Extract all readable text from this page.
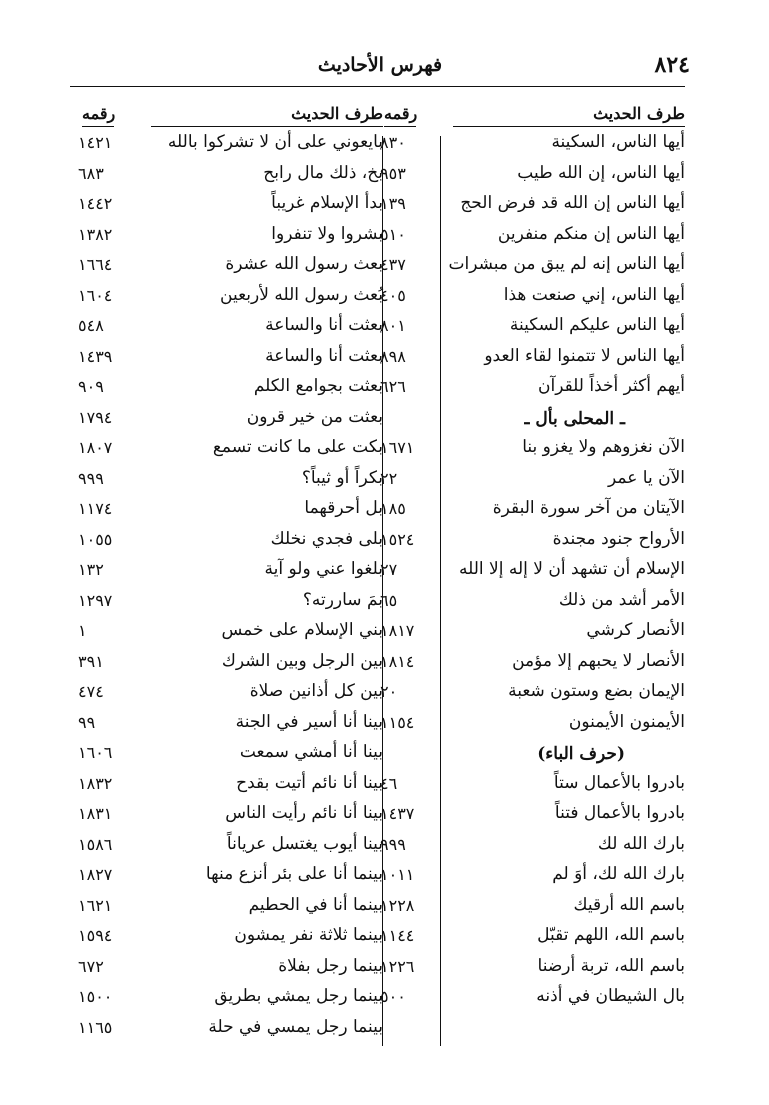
٨٢٤
فهرس الأحاديث
طرف الحديث
رقمه
أيها الناس، السكينة
٨٣٠
أيها الناس، إن الله طيب
٩٥٣
أيها الناس إن الله قد فرض الحج
١٣٩
أيها الناس إن منكم منفرين
٥١٠
أيها الناس إنه لم يبق من مبشرات
٤٣٧
أيها الناس، إني صنعت هذا
٤٠٥
أيها الناس عليكم السكينة
٨٠١
أيها الناس لا تتمنوا لقاء العدو
٨٩٨
أيهم أكثر أخذاً للقرآن
٦٢٦
ـ المحلى بأل ـ
الآن نغزوهم ولا يغزو بنا
١٦٧١
الآن يا عمر
٢٢
الآيتان من آخر سورة البقرة
١٨٥
الأرواح جنود مجندة
١٥٢٤
الإسلام أن تشهد أن لا إله إلا الله
٢٧
الأمر أشد من ذلك
٦٥
الأنصار كرشي
١٨١٧
الأنصار لا يحبهم إلا مؤمن
١٨١٤
الإيمان بضع وستون شعبة
٢٠
الأيمنون الأيمنون
١١٥٤
(حرف الباء)
بادروا بالأعمال ستاً
٤٦
بادروا بالأعمال فتناً
١٤٣٧
بارك الله لك
٩٩٩
بارك الله لك، أوَ لم
١٠١١
باسم الله أرقيك
١٢٢٨
باسم الله، اللهم تقبّل
١١٤٤
باسم الله، تربة أرضنا
١٢٢٦
بال الشيطان في أذنه
٥٠٠
طرف الحديث
رقمه
بايعوني على أن لا تشركوا بالله
١٤٢١
بخ، ذلك مال رابح
٦٨٣
بدأ الإسلام غريباً
١٤٤٢
بشروا ولا تنفروا
١٣٨٢
بعث رسول الله عشرة
١٦٦٤
بُعث رسول الله لأربعين
١٦٠٤
بعثت أنا والساعة
٥٤٨
بعثت أنا والساعة
١٤٣٩
بعثت بجوامع الكلم
٩٠٩
بعثت من خير قرون
١٧٩٤
بكت على ما كانت تسمع
١٨٠٧
بكراً أو ثيباً؟
٩٩٩
بل أحرقهما
١١٧٤
بلى فجدي نخلك
١٠٥٥
بلغوا عني ولو آية
١٣٢
بمَ ساررته؟
١٢٩٧
بني الإسلام على خمس
١
بين الرجل وبين الشرك
٣٩١
بين كل أذانين صلاة
٤٧٤
بينا أنا أسير في الجنة
٩٩
بينا أنا أمشي سمعت
١٦٠٦
بينا أنا نائم أتيت بقدح
١٨٣٢
بينا أنا نائم رأيت الناس
١٨٣١
بينا أيوب يغتسل عرياناً
١٥٨٦
بينما أنا على بئر أنزع منها
١٨٢٧
بينما أنا في الحطيم
١٦٢١
بينما ثلاثة نفر يمشون
١٥٩٤
بينما رجل بفلاة
٦٧٢
بينما رجل يمشي بطريق
١٥٠٠
بينما رجل يمسي في حلة
١١٦٥
